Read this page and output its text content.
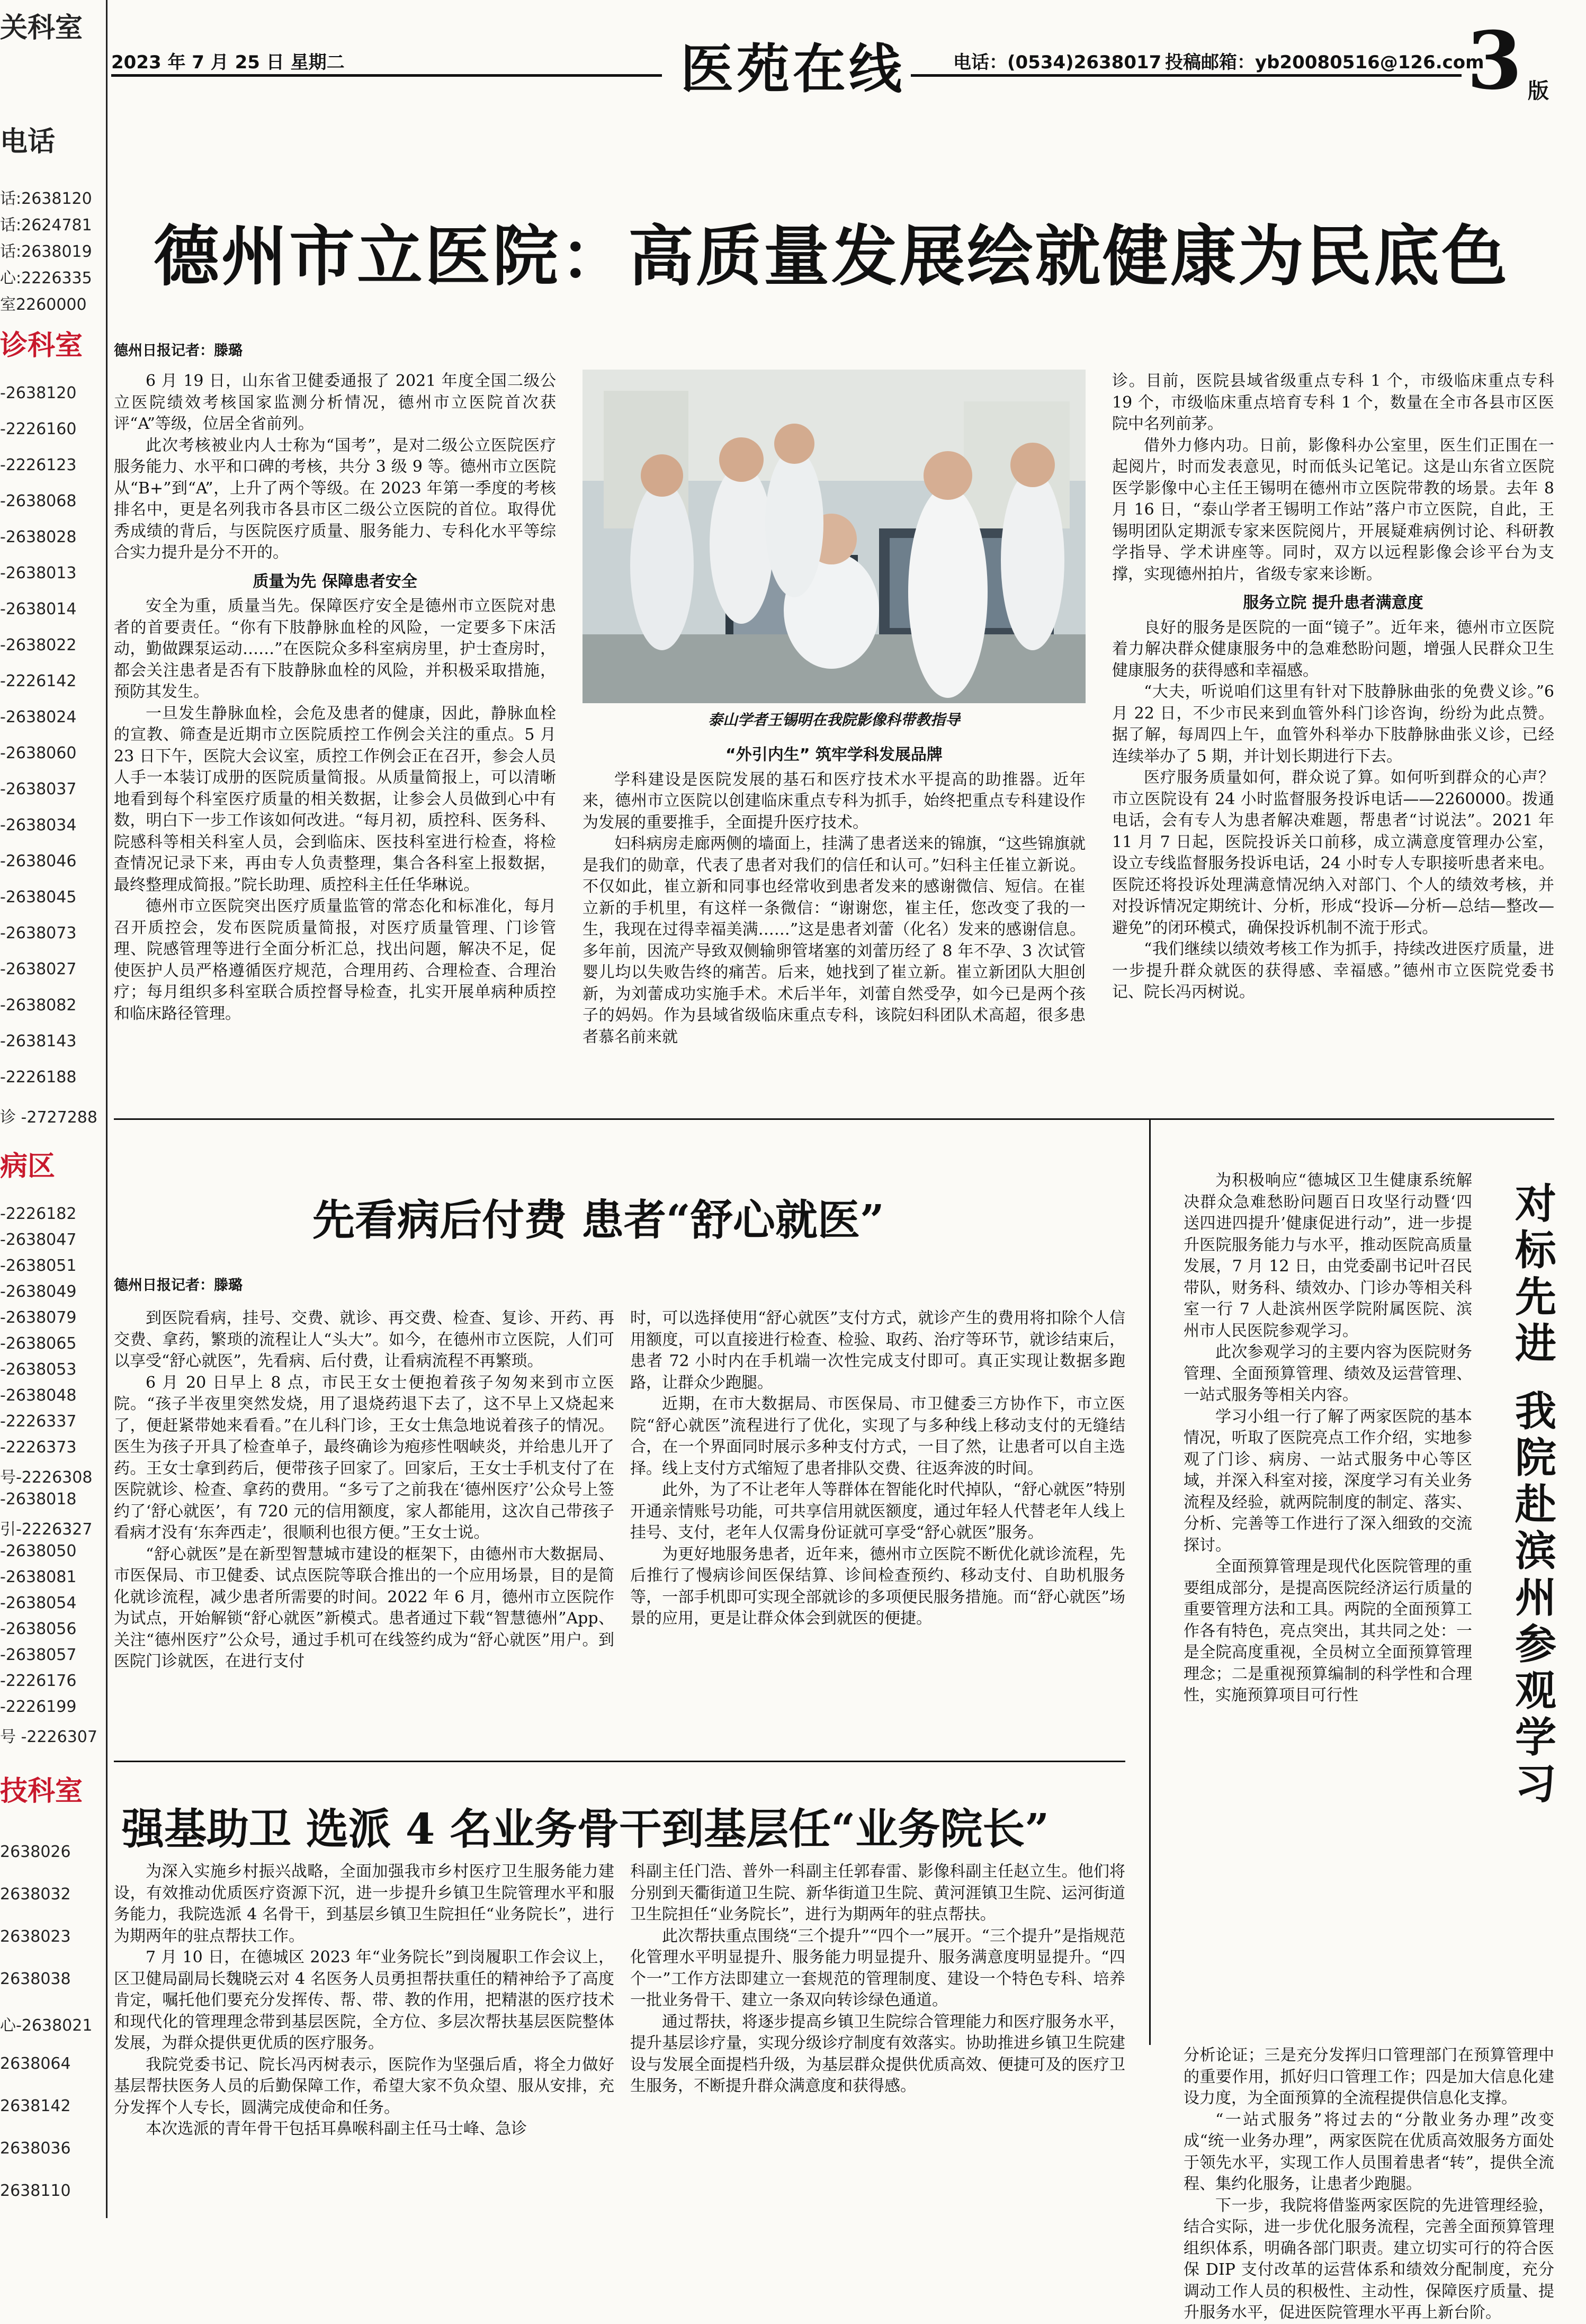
关科室
电话
话:2638120
话:2624781
话:2638019
心:2226335
室2260000
诊科室
-2638120
-2226160
-2226123
-2638068
-2638028
-2638013
-2638014
-2638022
-2226142
-2638024
-2638060
-2638037
-2638034
-2638046
-2638045
-2638073
-2638027
-2638082
-2638143
-2226188
诊 -2727288
病区
-2226182
-2638047
-2638051
-2638049
-2638079
-2638065
-2638053
-2638048
-2226337
-2226373
号-2226308
-2638018
引-2226327
-2638050
-2638081
-2638054
-2638056
-2638057
-2226176
-2226199
号 -2226307
技科室
2638026
2638032
2638023
2638038
心-2638021
2638064
2638142
2638036
2638110
2023 年 7 月 25 日 星期二	医苑在线	电话：(0534)2638017 投稿邮箱：yb20080516@126.com
3 版
德州市立医院：高质量发展绘就健康为民底色
德州日报记者：滕璐

6 月 19 日，山东省卫健委通报了 2021 年度全国二级公立医院绩效考核国家监测分析情况，德州市立医院首次获评“A”等级，位居全省前列。

此次考核被业内人士称为“国考”，是对二级公立医院医疗服务能力、水平和口碑的考核，共分 3 级 9 等。德州市立医院从“B+”到“A”，上升了两个等级。在 2023 年第一季度的考核排名中，更是名列我市各县市区二级公立医院的首位。取得优秀成绩的背后，与医院医疗质量、服务能力、专科化水平等综合实力提升是分不开的。

质量为先 保障患者安全

安全为重，质量当先。保障医疗安全是德州市立医院对患者的首要责任。“你有下肢静脉血栓的风险，一定要多下床活动，勤做踝泵运动……”在医院众多科室病房里，护士查房时，都会关注患者是否有下肢静脉血栓的风险，并积极采取措施，预防其发生。

一旦发生静脉血栓，会危及患者的健康，因此，静脉血栓的宣教、筛查是近期市立医院质控工作例会关注的重点。5 月 23 日下午，医院大会议室，质控工作例会正在召开，参会人员人手一本装订成册的医院质量简报。从质量简报上，可以清晰地看到每个科室医疗质量的相关数据，让参会人员做到心中有数，明白下一步工作该如何改进。“每月初，质控科、医务科、院感科等相关科室人员，会到临床、医技科室进行检查，将检查情况记录下来，再由专人负责整理，集合各科室上报数据，最终整理成简报。”院长助理、质控科主任任华琳说。

德州市立医院突出医疗质量监管的常态化和标准化，每月召开质控会，发布医院质量简报，对医疗质量管理、门诊管理、院感管理等进行全面分析汇总，找出问题，解决不足，促使医护人员严格遵循医疗规范，合理用药、合理检查、合理治疗；每月组织多科室联合质控督导检查，扎实开展单病种质控和临床路径管理。

泰山学者王锡明在我院影像科带教指导

“外引内生” 筑牢学科发展品牌

学科建设是医院发展的基石和医疗技术水平提高的助推器。近年来，德州市立医院以创建临床重点专科为抓手，始终把重点专科建设作为发展的重要推手，全面提升医疗技术。

妇科病房走廊两侧的墙面上，挂满了患者送来的锦旗，“这些锦旗就是我们的勋章，代表了患者对我们的信任和认可。”妇科主任崔立新说。不仅如此，崔立新和同事也经常收到患者发来的感谢微信、短信。在崔立新的手机里，有这样一条微信：“谢谢您，崔主任，您改变了我的一生，我现在过得幸福美满……”这是患者刘蕾（化名）发来的感谢信息。多年前，因流产导致双侧输卵管堵塞的刘蕾历经了 8 年不孕、3 次试管婴儿均以失败告终的痛苦。后来，她找到了崔立新。崔立新团队大胆创新，为刘蕾成功实施手术。术后半年，刘蕾自然受孕，如今已是两个孩子的妈妈。作为县域省级临床重点专科，该院妇科团队术高超，很多患者慕名前来就

诊。目前，医院县域省级重点专科 1 个，市级临床重点专科 19 个，市级临床重点培育专科 1 个，数量在全市各县市区医院中名列前茅。

借外力修内功。日前，影像科办公室里，医生们正围在一起阅片，时而发表意见，时而低头记笔记。这是山东省立医院医学影像中心主任王锡明在德州市立医院带教的场景。去年 8 月 16 日，“泰山学者王锡明工作站”落户市立医院，自此，王锡明团队定期派专家来医院阅片，开展疑难病例讨论、科研教学指导、学术讲座等。同时，双方以远程影像会诊平台为支撑，实现德州拍片，省级专家来诊断。

服务立院 提升患者满意度

良好的服务是医院的一面“镜子”。近年来，德州市立医院着力解决群众健康服务中的急难愁盼问题，增强人民群众卫生健康服务的获得感和幸福感。

“大夫，听说咱们这里有针对下肢静脉曲张的免费义诊。”6 月 22 日，不少市民来到血管外科门诊咨询，纷纷为此点赞。据了解，每周四上午，血管外科举办下肢静脉曲张义诊，已经连续举办了 5 期，并计划长期进行下去。

医疗服务质量如何，群众说了算。如何听到群众的心声？市立医院设有 24 小时监督服务投诉电话——2260000。拨通电话，会有专人为患者解决难题，帮患者“讨说法”。2021 年 11 月 7 日起，医院投诉关口前移，成立满意度管理办公室，设立专线监督服务投诉电话，24 小时专人专职接听患者来电。医院还将投诉处理满意情况纳入对部门、个人的绩效考核，并对投诉情况定期统计、分析，形成“投诉—分析—总结—整改—避免”的闭环模式，确保投诉机制不流于形式。

“我们继续以绩效考核工作为抓手，持续改进医疗质量，进一步提升群众就医的获得感、幸福感。”德州市立医院党委书记、院长冯丙树说。

先看病后付费 患者“舒心就医”
德州日报记者：滕璐

到医院看病，挂号、交费、就诊、再交费、检查、复诊、开药、再交费、拿药，繁琐的流程让人“头大”。如今，在德州市立医院，人们可以享受“舒心就医”，先看病、后付费，让看病流程不再繁琐。

6 月 20 日早上 8 点，市民王女士便抱着孩子匆匆来到市立医院。“孩子半夜里突然发烧，用了退烧药退下去了，这不早上又烧起来了，便赶紧带她来看看。”在儿科门诊，王女士焦急地说着孩子的情况。医生为孩子开具了检查单子，最终确诊为疱疹性咽峡炎，并给患儿开了药。王女士拿到药后，便带孩子回家了。回家后，王女士手机支付了在医院就诊、检查、拿药的费用。“多亏了之前我在‘德州医疗’公众号上签约了‘舒心就医’，有 720 元的信用额度，家人都能用，这次自己带孩子看病才没有‘东奔西走’，很顺利也很方便。”王女士说。

“舒心就医”是在新型智慧城市建设的框架下，由德州市大数据局、市医保局、市卫健委、试点医院等联合推出的一个应用场景，目的是简化就诊流程，减少患者所需要的时间。2022 年 6 月，德州市立医院作为试点，开始解锁“舒心就医”新模式。患者通过下载“智慧德州”App、关注“德州医疗”公众号，通过手机可在线签约成为“舒心就医”用户。到医院门诊就医，在进行支付

时，可以选择使用“舒心就医”支付方式，就诊产生的费用将扣除个人信用额度，可以直接进行检查、检验、取药、治疗等环节，就诊结束后，患者 72 小时内在手机端一次性完成支付即可。真正实现让数据多跑路，让群众少跑腿。

近期，在市大数据局、市医保局、市卫健委三方协作下，市立医院“舒心就医”流程进行了优化，实现了与多种线上移动支付的无缝结合，在一个界面同时展示多种支付方式，一目了然，让患者可以自主选择。线上支付方式缩短了患者排队交费、往返奔波的时间。

此外，为了不让老年人等群体在智能化时代掉队，“舒心就医”特别开通亲情账号功能，可共享信用就医额度，通过年轻人代替老年人线上挂号、支付，老年人仅需身份证就可享受“舒心就医”服务。

为更好地服务患者，近年来，德州市立医院不断优化就诊流程，先后推行了慢病诊间医保结算、诊间检查预约、移动支付、自助机服务等，一部手机即可实现全部就诊的多项便民服务措施。而“舒心就医”场景的应用，更是让群众体会到就医的便捷。

强基助卫 选派 4 名业务骨干到基层任“业务院长”

为深入实施乡村振兴战略，全面加强我市乡村医疗卫生服务能力建设，有效推动优质医疗资源下沉，进一步提升乡镇卫生院管理水平和服务能力，我院选派 4 名骨干，到基层乡镇卫生院担任“业务院长”，进行为期两年的驻点帮扶工作。

7 月 10 日，在德城区 2023 年“业务院长”到岗履职工作会议上，区卫健局副局长魏晓云对 4 名医务人员勇担帮扶重任的精神给予了高度肯定，嘱托他们要充分发挥传、帮、带、教的作用，把精湛的医疗技术和现代化的管理理念带到基层医院，全方位、多层次帮扶基层医院整体发展，为群众提供更优质的医疗服务。

我院党委书记、院长冯丙树表示，医院作为坚强后盾，将全力做好基层帮扶医务人员的后勤保障工作，希望大家不负众望、服从安排，充分发挥个人专长，圆满完成使命和任务。

本次选派的青年骨干包括耳鼻喉科副主任马士峰、急诊

科副主任门浩、普外一科副主任郭春雷、影像科副主任赵立生。他们将分别到天衢街道卫生院、新华街道卫生院、黄河涯镇卫生院、运河街道卫生院担任“业务院长”，进行为期两年的驻点帮扶。

此次帮扶重点围绕“三个提升”“四个一”展开。“三个提升”是指规范化管理水平明显提升、服务能力明显提升、服务满意度明显提升。“四个一”工作方法即建立一套规范的管理制度、建设一个特色专科、培养一批业务骨干、建立一条双向转诊绿色通道。

通过帮扶，将逐步提高乡镇卫生院综合管理能力和医疗服务水平，提升基层诊疗量，实现分级诊疗制度有效落实。协助推进乡镇卫生院建设与发展全面提档升级，为基层群众提供优质高效、便捷可及的医疗卫生服务，不断提升群众满意度和获得感。

为积极响应“德城区卫生健康系统解决群众急难愁盼问题百日攻坚行动暨‘四送四进四提升’健康促进行动”，进一步提升医院服务能力与水平，推动医院高质量发展，7 月 12 日，由党委副书记叶召民带队，财务科、绩效办、门诊办等相关科室一行 7 人赴滨州医学院附属医院、滨州市人民医院参观学习。

此次参观学习的主要内容为医院财务管理、全面预算管理、绩效及运营管理、一站式服务等相关内容。

学习小组一行了解了两家医院的基本情况，听取了医院亮点工作介绍，实地参观了门诊、病房、一站式服务中心等区域，并深入科室对接，深度学习有关业务流程及经验，就两院制度的制定、落实、分析、完善等工作进行了深入细致的交流探讨。

全面预算管理是现代化医院管理的重要组成部分，是提高医院经济运行质量的重要管理方法和工具。两院的全面预算工作各有特色，亮点突出，其共同之处：一是全院高度重视，全员树立全面预算管理理念；二是重视预算编制的科学性和合理性，实施预算项目可行性

对
标
先
进
我
院
赴
滨
州
参
观
学
习

分析论证；三是充分发挥归口管理部门在预算管理中的重要作用，抓好归口管理工作；四是加大信息化建设力度，为全面预算的全流程提供信息化支撑。

“一站式服务”将过去的“分散业务办理”改变成“统一业务办理”，两家医院在优质高效服务方面处于领先水平，实现工作人员围着患者“转”，提供全流程、集约化服务，让患者少跑腿。

下一步，我院将借鉴两家医院的先进管理经验，结合实际，进一步优化服务流程，完善全面预算管理组织体系，明确各部门职责。建立切实可行的符合医保 DIP 支付改革的运营体系和绩效分配制度，充分调动工作人员的积极性、主动性，保障医疗质量、提升服务水平，促进医院管理水平再上新台阶。
